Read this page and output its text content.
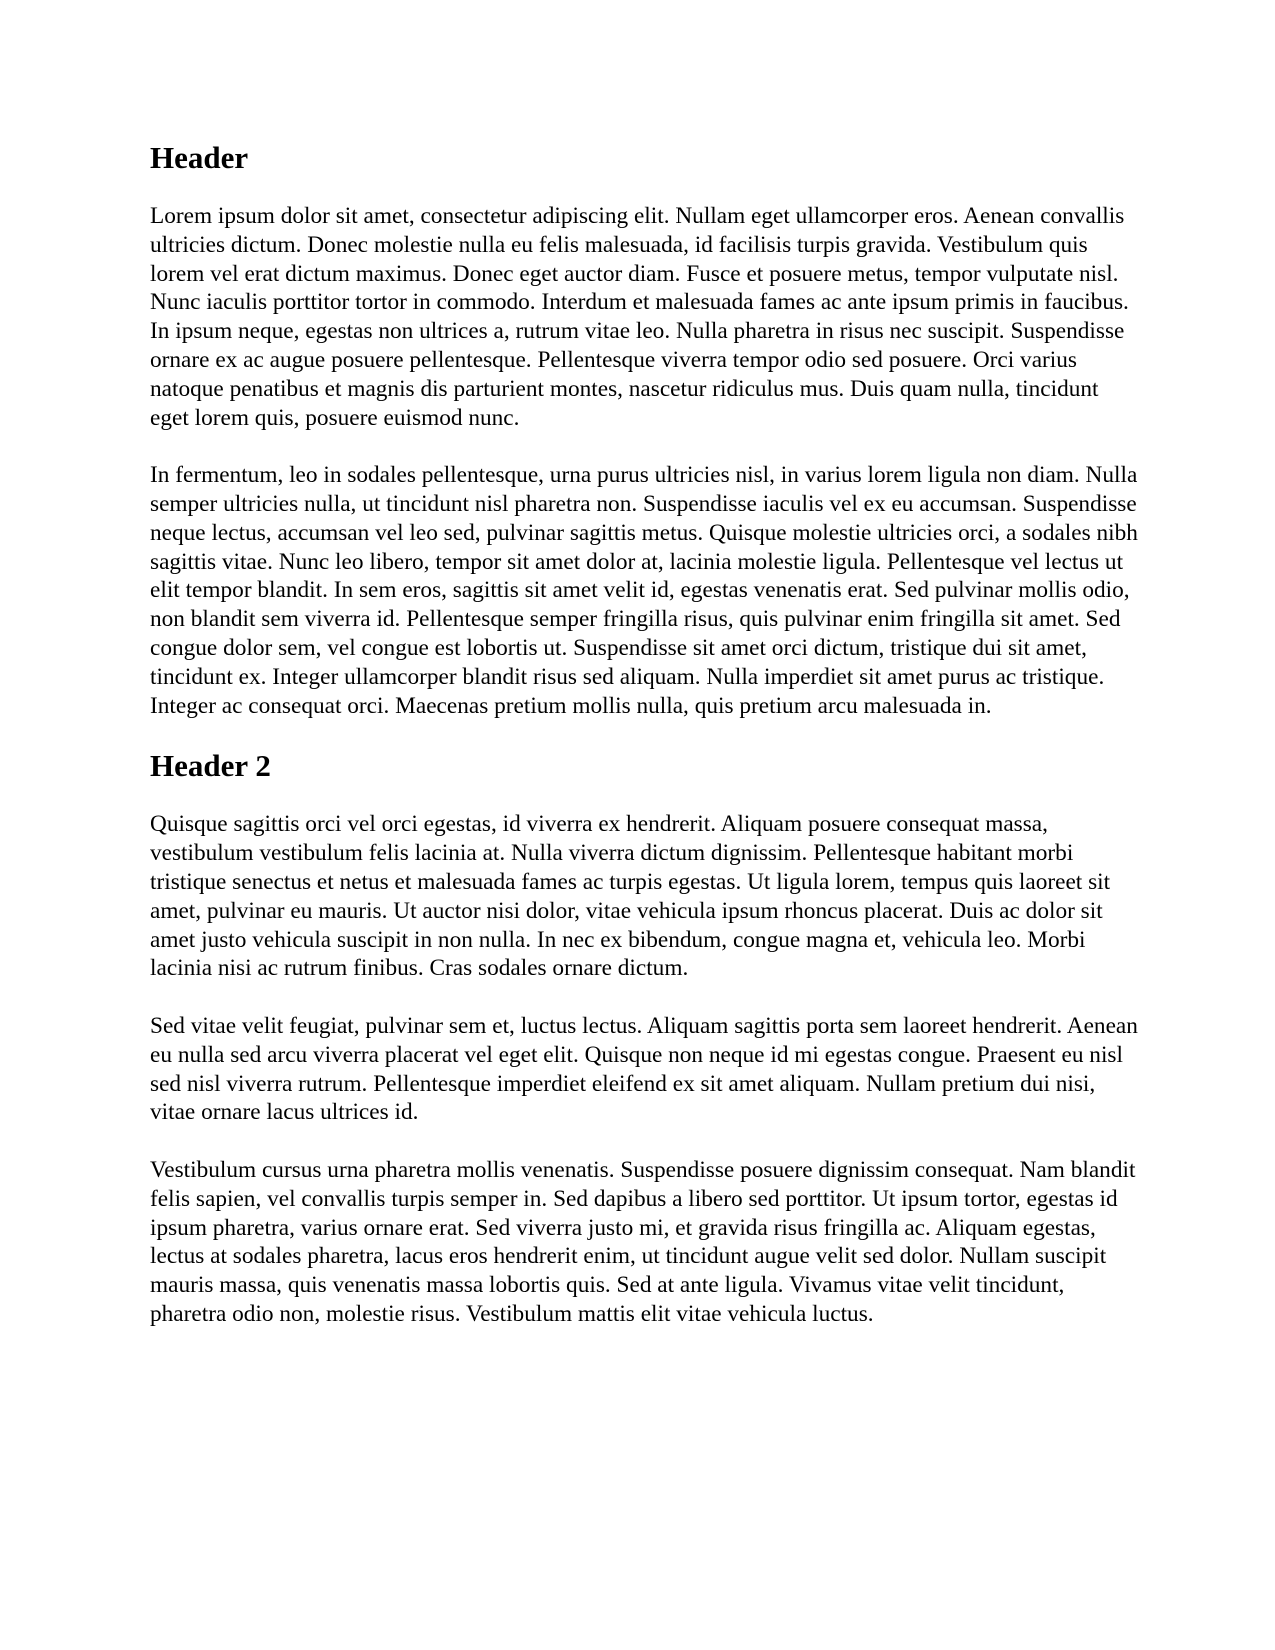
Header

Lorem ipsum dolor sit amet, consectetur adipiscing elit. Nullam eget ullamcorper eros. Aenean convallis ultricies dictum. Donec molestie nulla eu felis malesuada, id facilisis turpis gravida. Vestibulum quis lorem vel erat dictum maximus. Donec eget auctor diam. Fusce et posuere metus, tempor vulputate nisl. Nunc iaculis porttitor tortor in commodo. Interdum et malesuada fames ac ante ipsum primis in faucibus. In ipsum neque, egestas non ultrices a, rutrum vitae leo. Nulla pharetra in risus nec suscipit. Suspendisse ornare ex ac augue posuere pellentesque. Pellentesque viverra tempor odio sed posuere. Orci varius natoque penatibus et magnis dis parturient montes, nascetur ridiculus mus. Duis quam nulla, tincidunt eget lorem quis, posuere euismod nunc.

In fermentum, leo in sodales pellentesque, urna purus ultricies nisl, in varius lorem ligula non diam. Nulla semper ultricies nulla, ut tincidunt nisl pharetra non. Suspendisse iaculis vel ex eu accumsan. Suspendisse neque lectus, accumsan vel leo sed, pulvinar sagittis metus. Quisque molestie ultricies orci, a sodales nibh sagittis vitae. Nunc leo libero, tempor sit amet dolor at, lacinia molestie ligula. Pellentesque vel lectus ut elit tempor blandit. In sem eros, sagittis sit amet velit id, egestas venenatis erat. Sed pulvinar mollis odio, non blandit sem viverra id. Pellentesque semper fringilla risus, quis pulvinar enim fringilla sit amet. Sed congue dolor sem, vel congue est lobortis ut. Suspendisse sit amet orci dictum, tristique dui sit amet, tincidunt ex. Integer ullamcorper blandit risus sed aliquam. Nulla imperdiet sit amet purus ac tristique. Integer ac consequat orci. Maecenas pretium mollis nulla, quis pretium arcu malesuada in.

Header 2

Quisque sagittis orci vel orci egestas, id viverra ex hendrerit. Aliquam posuere consequat massa, vestibulum vestibulum felis lacinia at. Nulla viverra dictum dignissim. Pellentesque habitant morbi tristique senectus et netus et malesuada fames ac turpis egestas. Ut ligula lorem, tempus quis laoreet sit amet, pulvinar eu mauris. Ut auctor nisi dolor, vitae vehicula ipsum rhoncus placerat. Duis ac dolor sit amet justo vehicula suscipit in non nulla. In nec ex bibendum, congue magna et, vehicula leo. Morbi lacinia nisi ac rutrum finibus. Cras sodales ornare dictum.

Sed vitae velit feugiat, pulvinar sem et, luctus lectus. Aliquam sagittis porta sem laoreet hendrerit. Aenean eu nulla sed arcu viverra placerat vel eget elit. Quisque non neque id mi egestas congue. Praesent eu nisl sed nisl viverra rutrum. Pellentesque imperdiet eleifend ex sit amet aliquam. Nullam pretium dui nisi, vitae ornare lacus ultrices id.

Vestibulum cursus urna pharetra mollis venenatis. Suspendisse posuere dignissim consequat. Nam blandit felis sapien, vel convallis turpis semper in. Sed dapibus a libero sed porttitor. Ut ipsum tortor, egestas id ipsum pharetra, varius ornare erat. Sed viverra justo mi, et gravida risus fringilla ac. Aliquam egestas, lectus at sodales pharetra, lacus eros hendrerit enim, ut tincidunt augue velit sed dolor. Nullam suscipit mauris massa, quis venenatis massa lobortis quis. Sed at ante ligula. Vivamus vitae velit tincidunt, pharetra odio non, molestie risus. Vestibulum mattis elit vitae vehicula luctus.
